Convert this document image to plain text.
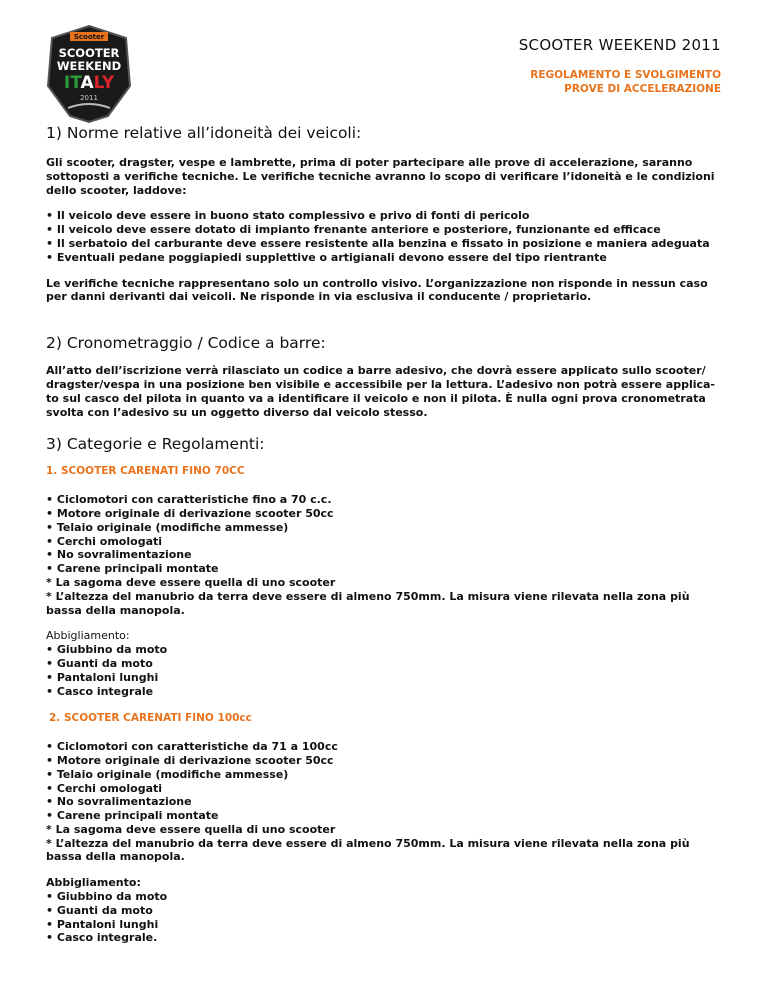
Scooter
SCOOTER
WEEKEND
ITALY
2011
SCOOTER WEEKEND 2011
REGOLAMENTO E SVOLGIMENTO
PROVE DI ACCELERAZIONE
1) Norme relative all’idoneità dei veicoli:

Gli scooter, dragster, vespe e lambrette, prima di poter partecipare alle prove di accelerazione, saranno

sottoposti a verifiche tecniche. Le verifiche tecniche avranno lo scopo di verificare l’idoneità e le condizioni

dello scooter, laddove:

• Il veicolo deve essere in buono stato complessivo e privo di fonti di pericolo
• Il veicolo deve essere dotato di impianto frenante anteriore e posteriore, funzionante ed efficace
• Il serbatoio del carburante deve essere resistente alla benzina e fissato in posizione e maniera adeguata
• Eventuali pedane poggiapiedi supplettive o artigianali devono essere del tipo rientrante

Le verifiche tecniche rappresentano solo un controllo visivo. L’organizzazione non risponde in nessun caso

per danni derivanti dai veicoli. Ne risponde in via esclusiva il conducente / proprietario.

2) Cronometraggio / Codice a barre:

All’atto dell’iscrizione verrà rilasciato un codice a barre adesivo, che dovrà essere applicato sullo scooter/

dragster/vespa in una posizione ben visibile e accessibile per la lettura. L’adesivo non potrà essere applica-

to sul casco del pilota in quanto va a identificare il veicolo e non il pilota. È nulla ogni prova cronometrata

svolta con l’adesivo su un oggetto diverso dal veicolo stesso.

3) Categorie e Regolamenti:

1. SCOOTER CARENATI FINO 70CC

• Ciclomotori con caratteristiche fino a 70 c.c.
• Motore originale di derivazione scooter 50cc
• Telaio originale (modifiche ammesse)
• Cerchi omologati
• No sovralimentazione
• Carene principali montate
* La sagoma deve essere quella di uno scooter
* L’altezza del manubrio da terra deve essere di almeno 750mm. La misura viene rilevata nella zona più
bassa della manopola.

Abbigliamento:

• Giubbino da moto
• Guanti da moto
• Pantaloni lunghi
• Casco integrale

2. SCOOTER CARENATI FINO 100cc

• Ciclomotori con caratteristiche da 71 a 100cc
• Motore originale di derivazione scooter 50cc
• Telaio originale (modifiche ammesse)
• Cerchi omologati
• No sovralimentazione
• Carene principali montate
* La sagoma deve essere quella di uno scooter
* L’altezza del manubrio da terra deve essere di almeno 750mm. La misura viene rilevata nella zona più
bassa della manopola.

Abbigliamento:

• Giubbino da moto
• Guanti da moto
• Pantaloni lunghi
• Casco integrale.
